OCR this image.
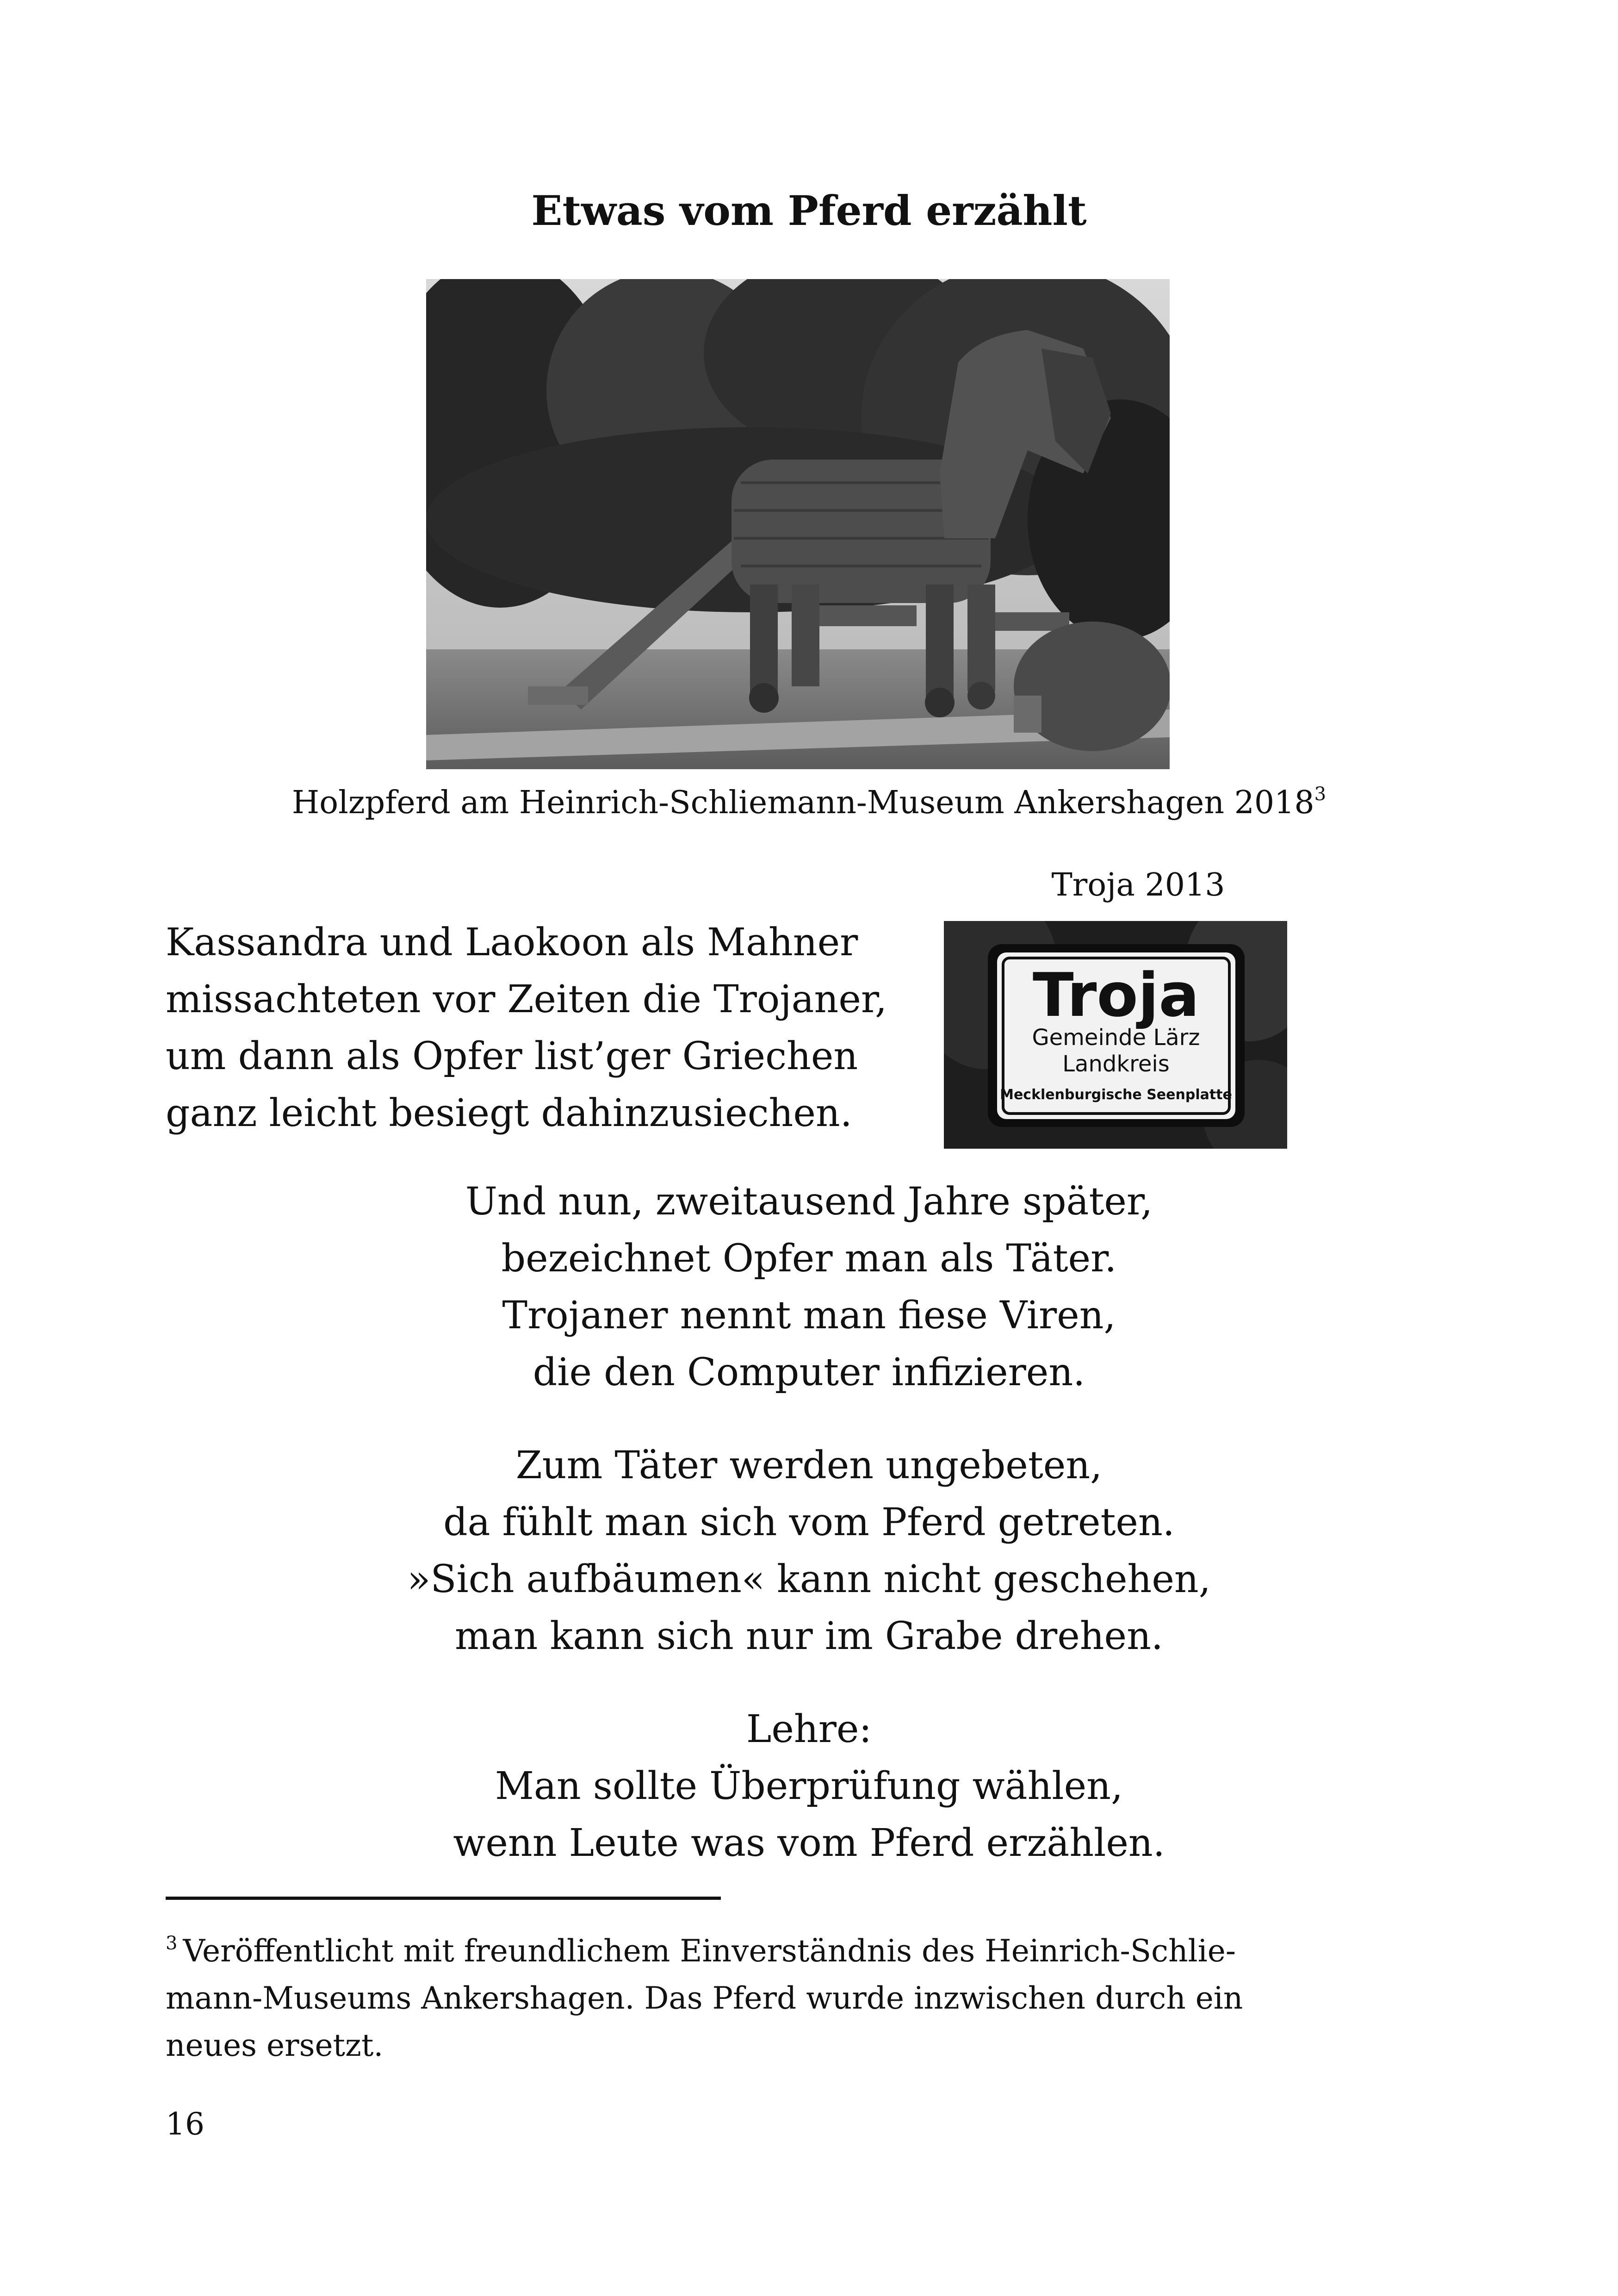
Etwas vom Pferd erzählt
Holzpferd am Heinrich-Schliemann-Museum Ankershagen 2018$^3$
Troja 2013
Troja
Gemeinde Lärz
Landkreis
Mecklenburgische Seenplatte
Kassandra und Laokoon als Mahner
missachteten vor Zeiten die Trojaner,
um dann als Opfer list’ger Griechen
ganz leicht besiegt dahinzusiechen.
Und nun, zweitausend Jahre später,
bezeichnet Opfer man als Täter.
Trojaner nennt man fiese Viren,
die den Computer infizieren.
Zum Täter werden ungebeten,
da fühlt man sich vom Pferd getreten.
»Sich aufbäumen« kann nicht geschehen,
man kann sich nur im Grabe drehen.
Lehre:
Man sollte Überprüfung wählen,
wenn Leute was vom Pferd erzählen.
$^3$ Veröffentlicht mit freundlichem Einverständnis des Heinrich-Schlie-
mann-Museums Ankershagen. Das Pferd wurde inzwischen durch ein
neues ersetzt.
16
